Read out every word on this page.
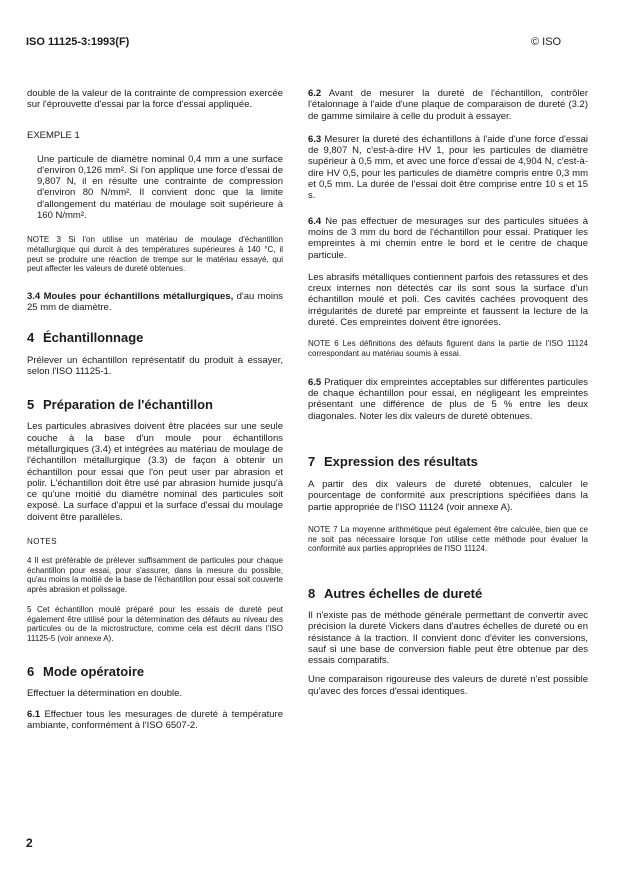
ISO 11125-3:1993(F)	© ISO

double de la valeur de la contrainte de compression exercée sur l'éprouvette d'essai par la force d'essai appliquée.

EXEMPLE 1

Une particule de diamètre nominal 0,4 mm a une surface d'environ 0,126 mm². Si l'on applique une force d'essai de 9,807 N, il en résulte une contrainte de compression d'environ 80 N/mm². Il convient donc que la limite d'allongement du matériau de moulage soit supérieure à 160 N/mm².

NOTE 3 Si l'on utilise un matériau de moulage d'échantillon métallurgique qui durcit à des températures supérieures à 140 °C, il peut se produire une réaction de trempe sur le matériau essayé, qui peut affecter les valeurs de dureté obtenues.

3.4 Moules pour échantillons métallurgiques, d'au moins 25 mm de diamètre.

4 Échantillonnage

Prélever un échantillon représentatif du produit à essayer, selon l'ISO 11125-1.

5 Préparation de l'échantillon

Les particules abrasives doivent être placées sur une seule couche à la base d'un moule pour échantillons métallurgiques (3.4) et intégrées au matériau de moulage de l'échantillon métallurgique (3.3) de façon à obtenir un échantillon pour essai que l'on peut user par abrasion et polir. L'échantillon doit être usé par abrasion humide jusqu'à ce qu'une moitié du diamètre nominal des particules soit exposé. La surface d'appui et la surface d'essai du moulage doivent être parallèles.

NOTES

4 Il est préférable de prélever suffisamment de particules pour chaque échantillon pour essai, pour s'assurer, dans la mesure du possible, qu'au moins la moitié de la base de l'échantillon pour essai soit couverte après abrasion et polissage.

5 Cet échantillon moulé préparé pour les essais de dureté peut également être utilisé pour la détermination des défauts au niveau des particules ou de la microstructure, comme cela est décrit dans l'ISO 11125-5 (voir annexe A).

6 Mode opératoire

Effectuer la détermination en double.

6.1 Effectuer tous les mesurages de dureté à température ambiante, conformément à l'ISO 6507-2.

6.2 Avant de mesurer la dureté de l'échantillon, contrôler l'étalonnage à l'aide d'une plaque de comparaison de dureté (3.2) de gamme similaire à celle du produit à essayer.

6.3 Mesurer la dureté des échantillons à l'aide d'une force d'essai de 9,807 N, c'est-à-dire HV 1, pour les particules de diamètre supérieur à 0,5 mm, et avec une force d'essai de 4,904 N, c'est-à-dire HV 0,5, pour les particules de diamètre compris entre 0,3 mm et 0,5 mm. La durée de l'essai doit être comprise entre 10 s et 15 s.

6.4 Ne pas effectuer de mesurages sur des particules situées à moins de 3 mm du bord de l'échantillon pour essai. Pratiquer les empreintes à mi chemin entre le bord et le centre de chaque particule.

Les abrasifs métalliques contiennent parfois des retassures et des creux internes non détectés car ils sont sous la surface d'un échantillon moulé et poli. Ces cavités cachées provoquent des irrégularités de dureté par empreinte et faussent la lecture de la dureté. Ces empreintes doivent être ignorées.

NOTE 6 Les définitions des défauts figurent dans la partie de l'ISO 11124 correspondant au matériau soumis à essai.

6.5 Pratiquer dix empreintes acceptables sur différentes particules de chaque échantillon pour essai, en négligeant les empreintes présentant une différence de plus de 5 % entre les deux diagonales. Noter les dix valeurs de dureté obtenues.

7 Expression des résultats

A partir des dix valeurs de dureté obtenues, calculer le pourcentage de conformité aux prescriptions spécifiées dans la partie appropriée de l'ISO 11124 (voir annexe A).

NOTE 7 La moyenne arithmétique peut également être calculée, bien que ce ne soit pas nécessaire lorsque l'on utilise cette méthode pour évaluer la conformité aux parties appropriées de l'ISO 11124.

8 Autres échelles de dureté

Il n'existe pas de méthode générale permettant de convertir avec précision la dureté Vickers dans d'autres échelles de dureté ou en résistance à la traction. Il convient donc d'éviter les conversions, sauf si une base de conversion fiable peut être obtenue par des essais comparatifs.

Une comparaison rigoureuse des valeurs de dureté n'est possible qu'avec des forces d'essai identiques.

2
